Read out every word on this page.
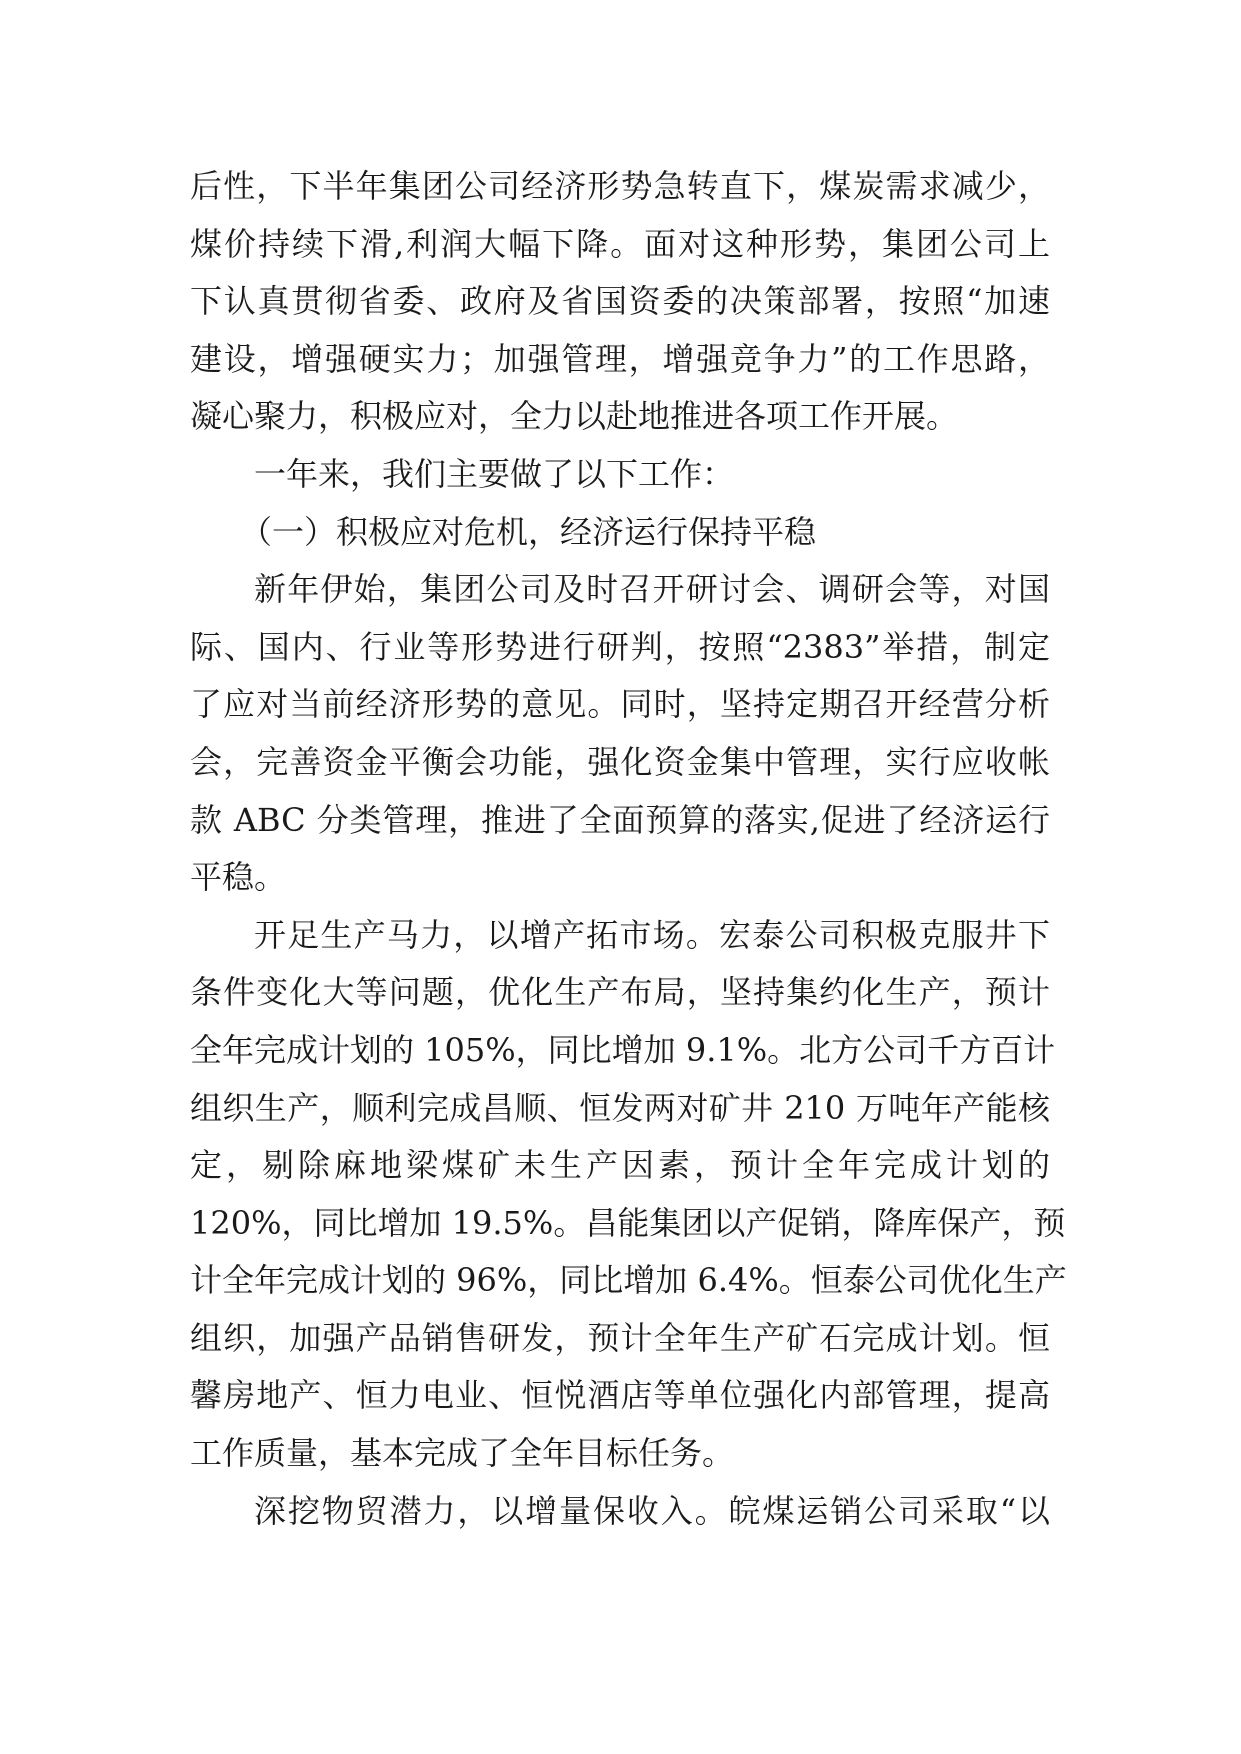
后性，下半年集团公司经济形势急转直下，煤炭需求减少，
煤价持续下滑,利润大幅下降。面对这种形势，集团公司上
下认真贯彻省委、政府及省国资委的决策部署，按照“加速
建设，增强硬实力；加强管理，增强竞争力”的工作思路，
凝心聚力，积极应对，全力以赴地推进各项工作开展。
一年来，我们主要做了以下工作：
（一）积极应对危机，经济运行保持平稳
新年伊始，集团公司及时召开研讨会、调研会等，对国
际、国内、行业等形势进行研判，按照“2383”举措，制定
了应对当前经济形势的意见。同时，坚持定期召开经营分析
会，完善资金平衡会功能，强化资金集中管理，实行应收帐
款 ABC 分类管理，推进了全面预算的落实,促进了经济运行
平稳。
开足生产马力，以增产拓市场。宏泰公司积极克服井下
条件变化大等问题，优化生产布局，坚持集约化生产，预计
全年完成计划的 105%，同比增加 9.1%。北方公司千方百计
组织生产，顺利完成昌顺、恒发两对矿井 210 万吨年产能核
定，剔除麻地梁煤矿未生产因素，预计全年完成计划的
120%，同比增加 19.5%。昌能集团以产促销，降库保产，预
计全年完成计划的 96%，同比增加 6.4%。恒泰公司优化生产
组织，加强产品销售研发，预计全年生产矿石完成计划。恒
馨房地产、恒力电业、恒悦酒店等单位强化内部管理，提高
工作质量，基本完成了全年目标任务。
深挖物贸潜力，以增量保收入。皖煤运销公司采取“以
